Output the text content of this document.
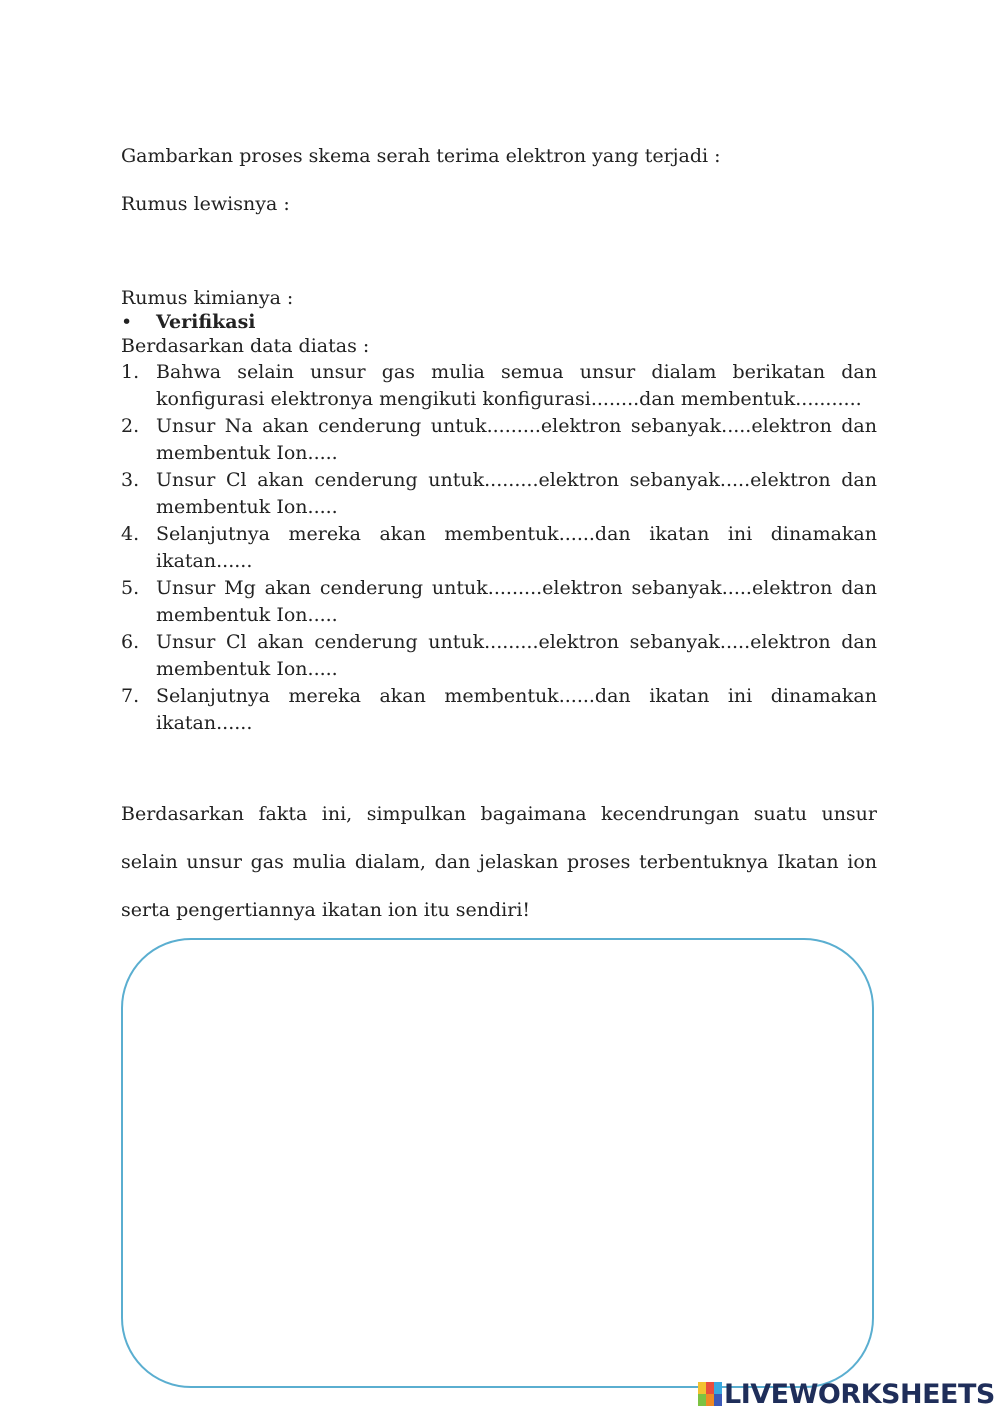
Gambarkan proses skema serah terima elektron yang terjadi :
Rumus lewisnya :
Rumus kimianya :
• Verifikasi
Berdasarkan data diatas :
1. Bahwa selain unsur gas mulia semua unsur dialam berikatan dan konfigurasi elektronya mengikuti konfigurasi........dan membentuk...........
2. Unsur Na akan cenderung untuk.........elektron sebanyak.....elektron dan membentuk Ion.....
3. Unsur Cl akan cenderung untuk.........elektron sebanyak.....elektron dan membentuk Ion.....
4. Selanjutnya mereka akan membentuk......dan ikatan ini dinamakan ikatan......
5. Unsur Mg akan cenderung untuk.........elektron sebanyak.....elektron dan membentuk Ion.....
6. Unsur Cl akan cenderung untuk.........elektron sebanyak.....elektron dan membentuk Ion.....
7. Selanjutnya mereka akan membentuk......dan ikatan ini dinamakan ikatan......

Berdasarkan fakta ini, simpulkan bagaimana kecendrungan suatu unsur selain unsur gas mulia dialam, dan jelaskan proses terbentuknya Ikatan ion serta pengertiannya ikatan ion itu sendiri!

LIVEWORKSHEETS
